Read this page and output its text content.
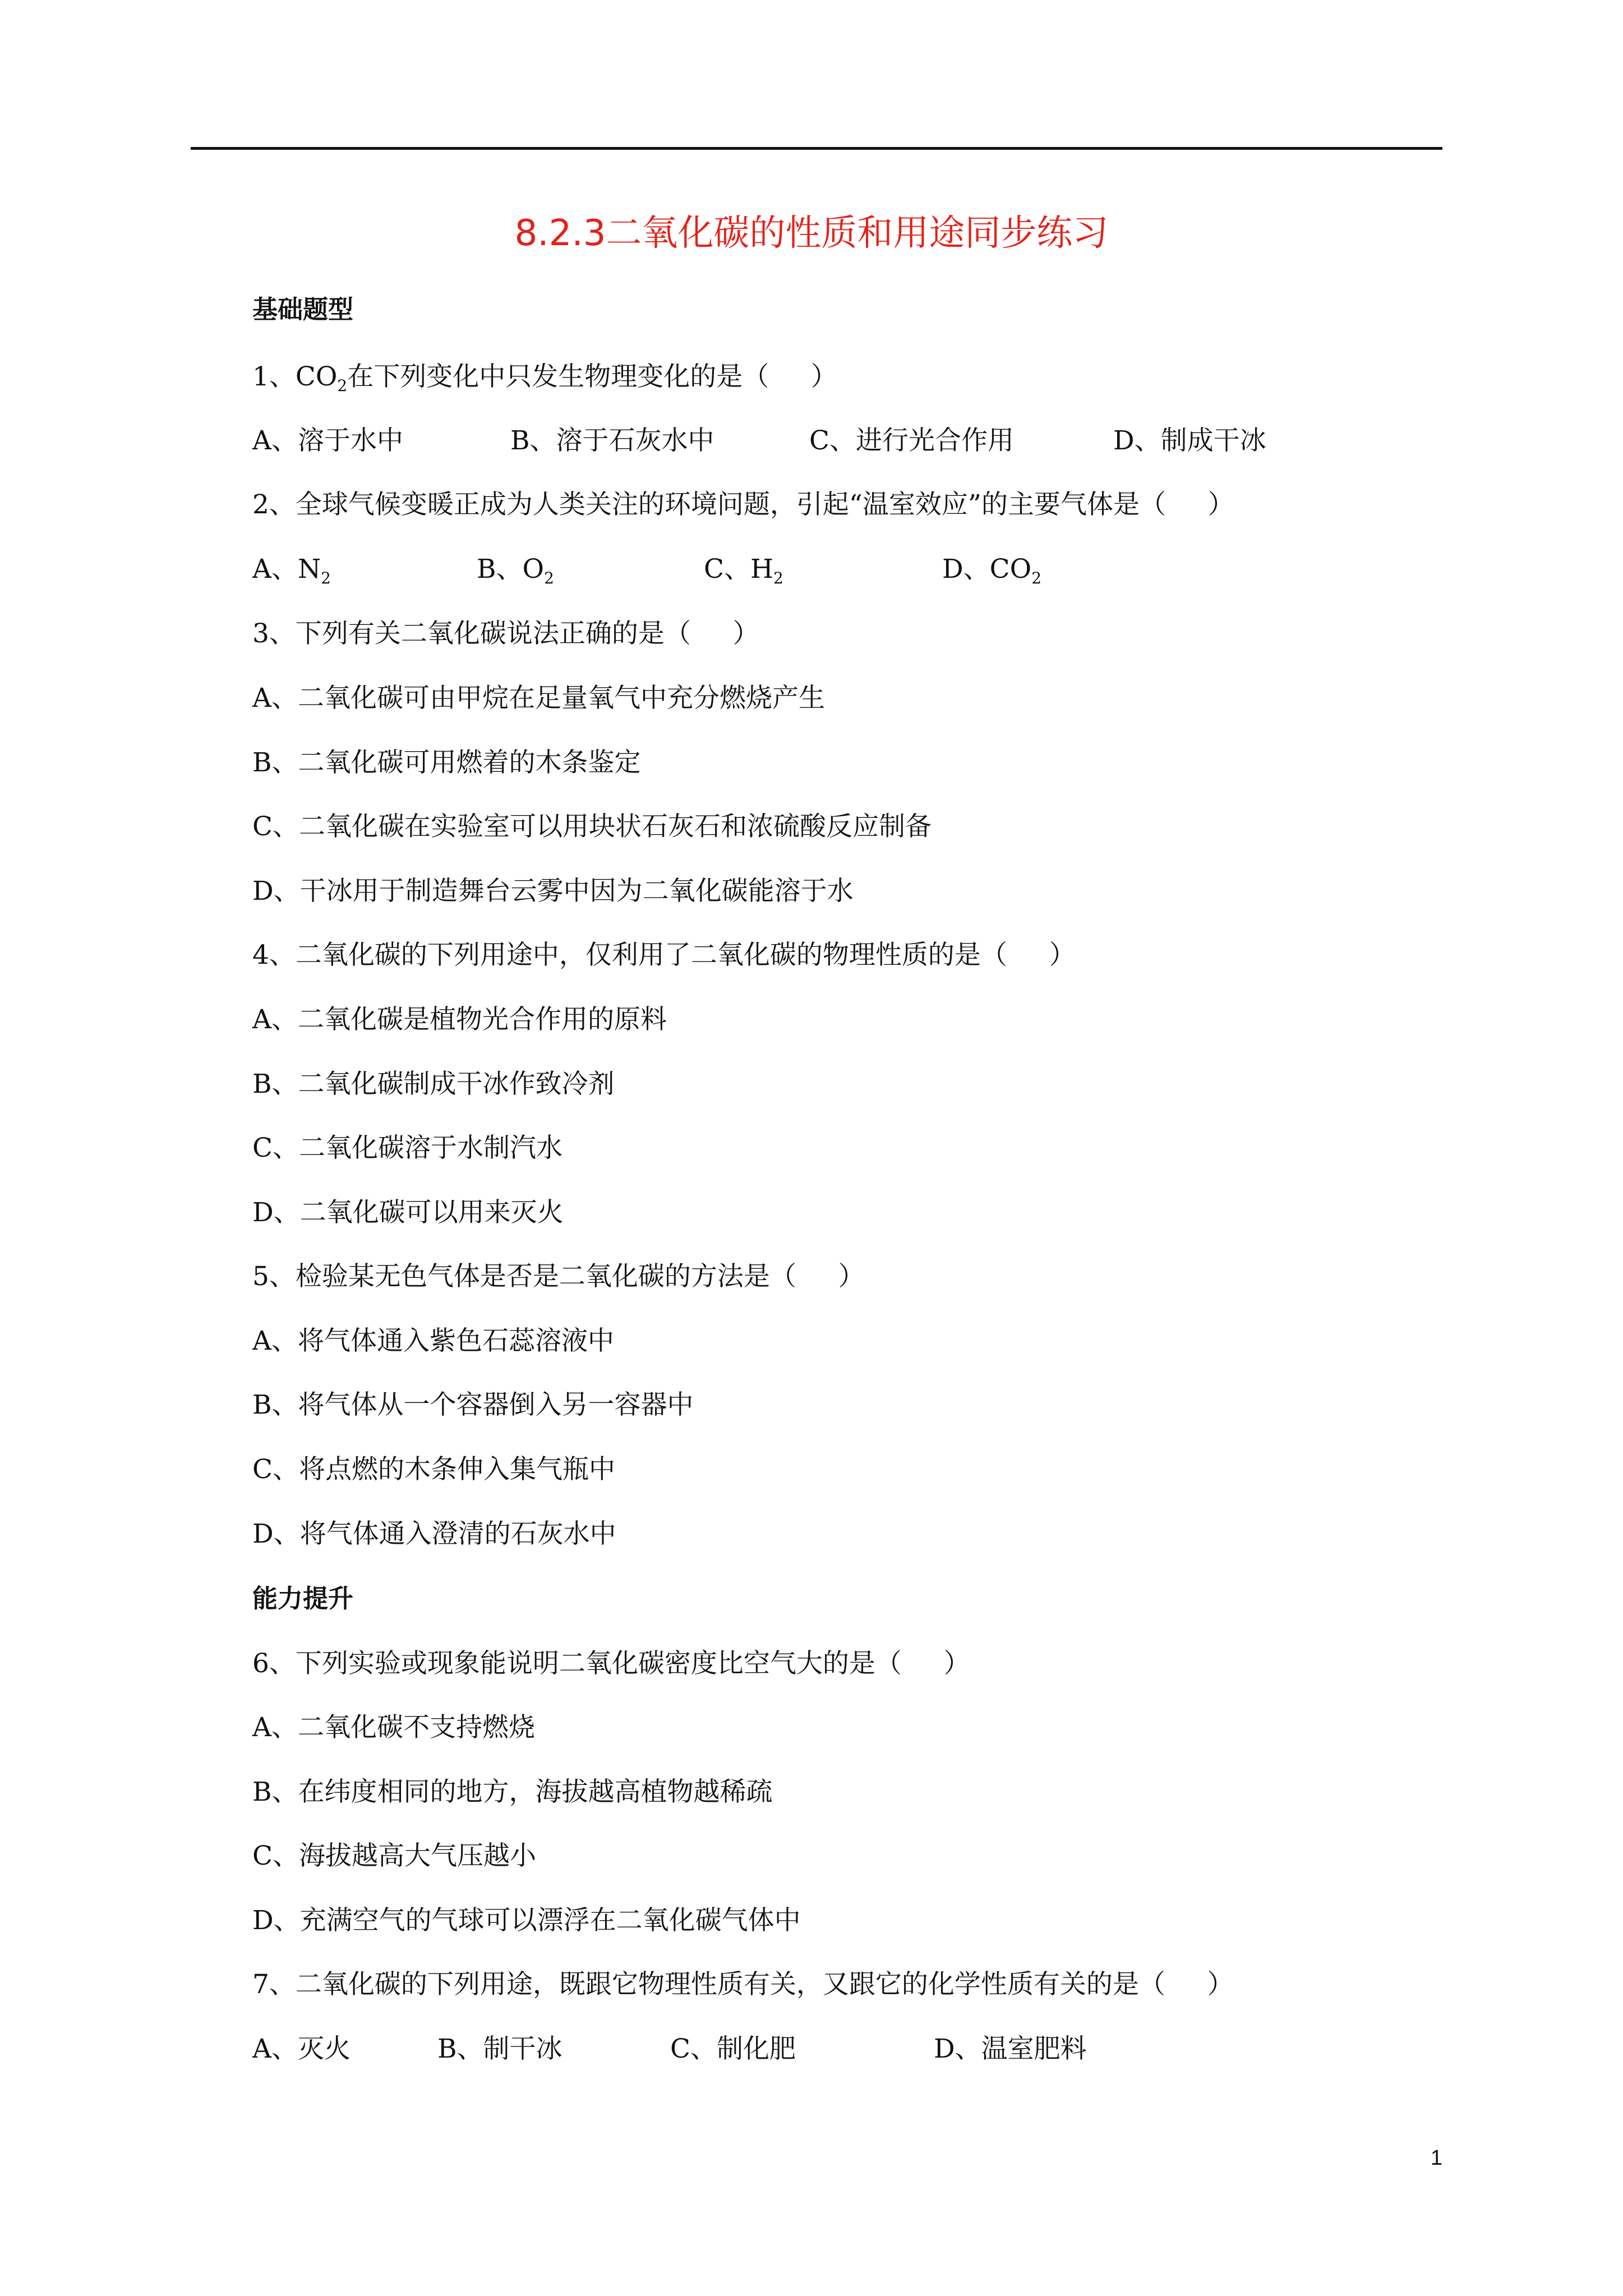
8.2.3二氧化碳的性质和用途同步练习
基础题型
1、$CO_2$在下列变化中只发生物理变化的是（     ）

A、溶于水中

	B、溶于石灰水中

	C、进行光合作用

	D、制成干冰

2、全球气候变暖正成为人类关注的环境问题，引起“温室效应”的主要气体是（     ）

A、$N_2$

	B、$O_2$

	C、$H_2$

	D、$CO_2$

3、下列有关二氧化碳说法正确的是（     ）
A、二氧化碳可由甲烷在足量氧气中充分燃烧产生
B、二氧化碳可用燃着的木条鉴定
C、二氧化碳在实验室可以用块状石灰石和浓硫酸反应制备
D、干冰用于制造舞台云雾中因为二氧化碳能溶于水
4、二氧化碳的下列用途中，仅利用了二氧化碳的物理性质的是（     ）
A、二氧化碳是植物光合作用的原料
B、二氧化碳制成干冰作致冷剂
C、二氧化碳溶于水制汽水
D、二氧化碳可以用来灭火
5、检验某无色气体是否是二氧化碳的方法是（     ）
A、将气体通入紫色石蕊溶液中
B、将气体从一个容器倒入另一容器中
C、将点燃的木条伸入集气瓶中
D、将气体通入澄清的石灰水中
能力提升
6、下列实验或现象能说明二氧化碳密度比空气大的是（     ）
A、二氧化碳不支持燃烧
B、在纬度相同的地方，海拔越高植物越稀疏
C、海拔越高大气压越小
D、充满空气的气球可以漂浮在二氧化碳气体中
7、二氧化碳的下列用途，既跟它物理性质有关，又跟它的化学性质有关的是（     ）

A、灭火

	B、制干冰

	C、制化肥

	D、温室肥料

1
